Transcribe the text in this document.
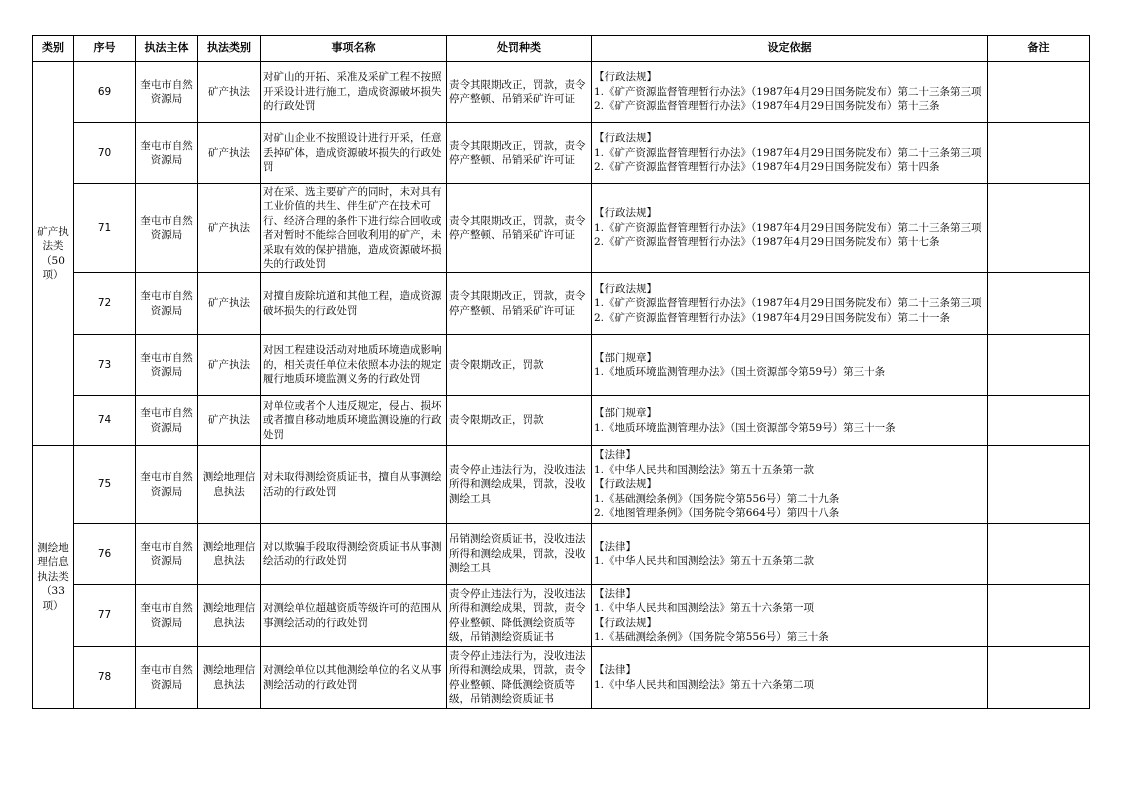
类别	序号	执法主体	执法类别	事项名称	处罚种类	设定依据	备注
矿产执法类（50项）	69	奎屯市自然资源局	矿产执法	对矿山的开拓、采准及采矿工程不按照开采设计进行施工，造成资源破坏损失的行政处罚	责令其限期改正，罚款，责令停产整顿、吊销采矿许可证	【行政法规】
1.《矿产资源监督管理暂行办法》（1987年4月29日国务院发布）第二十三条第三项
2.《矿产资源监督管理暂行办法》（1987年4月29日国务院发布）第十三条	

	70	奎屯市自然资源局	矿产执法	对矿山企业不按照设计进行开采，任意丢掉矿体，造成资源破坏损失的行政处罚	责令其限期改正，罚款，责令停产整顿、吊销采矿许可证	【行政法规】
1.《矿产资源监督管理暂行办法》（1987年4月29日国务院发布）第二十三条第三项
2.《矿产资源监督管理暂行办法》（1987年4月29日国务院发布）第十四条	

	71	奎屯市自然资源局	矿产执法	对在采、选主要矿产的同时，未对具有工业价值的共生、伴生矿产在技术可行、经济合理的条件下进行综合回收或者对暂时不能综合回收利用的矿产，未采取有效的保护措施，造成资源破坏损失的行政处罚	责令其限期改正，罚款，责令停产整顿、吊销采矿许可证	【行政法规】
1.《矿产资源监督管理暂行办法》（1987年4月29日国务院发布）第二十三条第三项
2.《矿产资源监督管理暂行办法》（1987年4月29日国务院发布）第十七条	

	72	奎屯市自然资源局	矿产执法	对擅自废除坑道和其他工程，造成资源破坏损失的行政处罚	责令其限期改正，罚款，责令停产整顿、吊销采矿许可证	【行政法规】
1.《矿产资源监督管理暂行办法》（1987年4月29日国务院发布）第二十三条第三项
2.《矿产资源监督管理暂行办法》（1987年4月29日国务院发布）第二十一条	

	73	奎屯市自然资源局	矿产执法	对因工程建设活动对地质环境造成影响的，相关责任单位未依照本办法的规定履行地质环境监测义务的行政处罚	责令限期改正，罚款	【部门规章】
1.《地质环境监测管理办法》（国土资源部令第59号）第三十条	

	74	奎屯市自然资源局	矿产执法	对单位或者个人违反规定，侵占、损坏或者擅自移动地质环境监测设施的行政处罚	责令限期改正，罚款	【部门规章】
1.《地质环境监测管理办法》（国土资源部令第59号）第三十一条	

测绘地理信息执法类（33项）	75	奎屯市自然资源局	测绘地理信息执法	对未取得测绘资质证书，擅自从事测绘活动的行政处罚	责令停止违法行为，没收违法所得和测绘成果，罚款，没收测绘工具	【法律】
1.《中华人民共和国测绘法》第五十五条第一款
【行政法规】
1.《基础测绘条例》（国务院令第556号）第二十九条
2.《地图管理条例》（国务院令第664号）第四十八条	

	76	奎屯市自然资源局	测绘地理信息执法	对以欺骗手段取得测绘资质证书从事测绘活动的行政处罚	吊销测绘资质证书，没收违法所得和测绘成果，罚款，没收测绘工具	【法律】
1.《中华人民共和国测绘法》第五十五条第二款	

	77	奎屯市自然资源局	测绘地理信息执法	对测绘单位超越资质等级许可的范围从事测绘活动的行政处罚	责令停止违法行为，没收违法所得和测绘成果，罚款，责令停业整顿、降低测绘资质等级，吊销测绘资质证书	【法律】
1.《中华人民共和国测绘法》第五十六条第一项
【行政法规】
1.《基础测绘条例》（国务院令第556号）第三十条	

	78	奎屯市自然资源局	测绘地理信息执法	对测绘单位以其他测绘单位的名义从事测绘活动的行政处罚	责令停止违法行为，没收违法所得和测绘成果，罚款，责令停业整顿、降低测绘资质等级，吊销测绘资质证书	【法律】
1.《中华人民共和国测绘法》第五十六条第二项	
